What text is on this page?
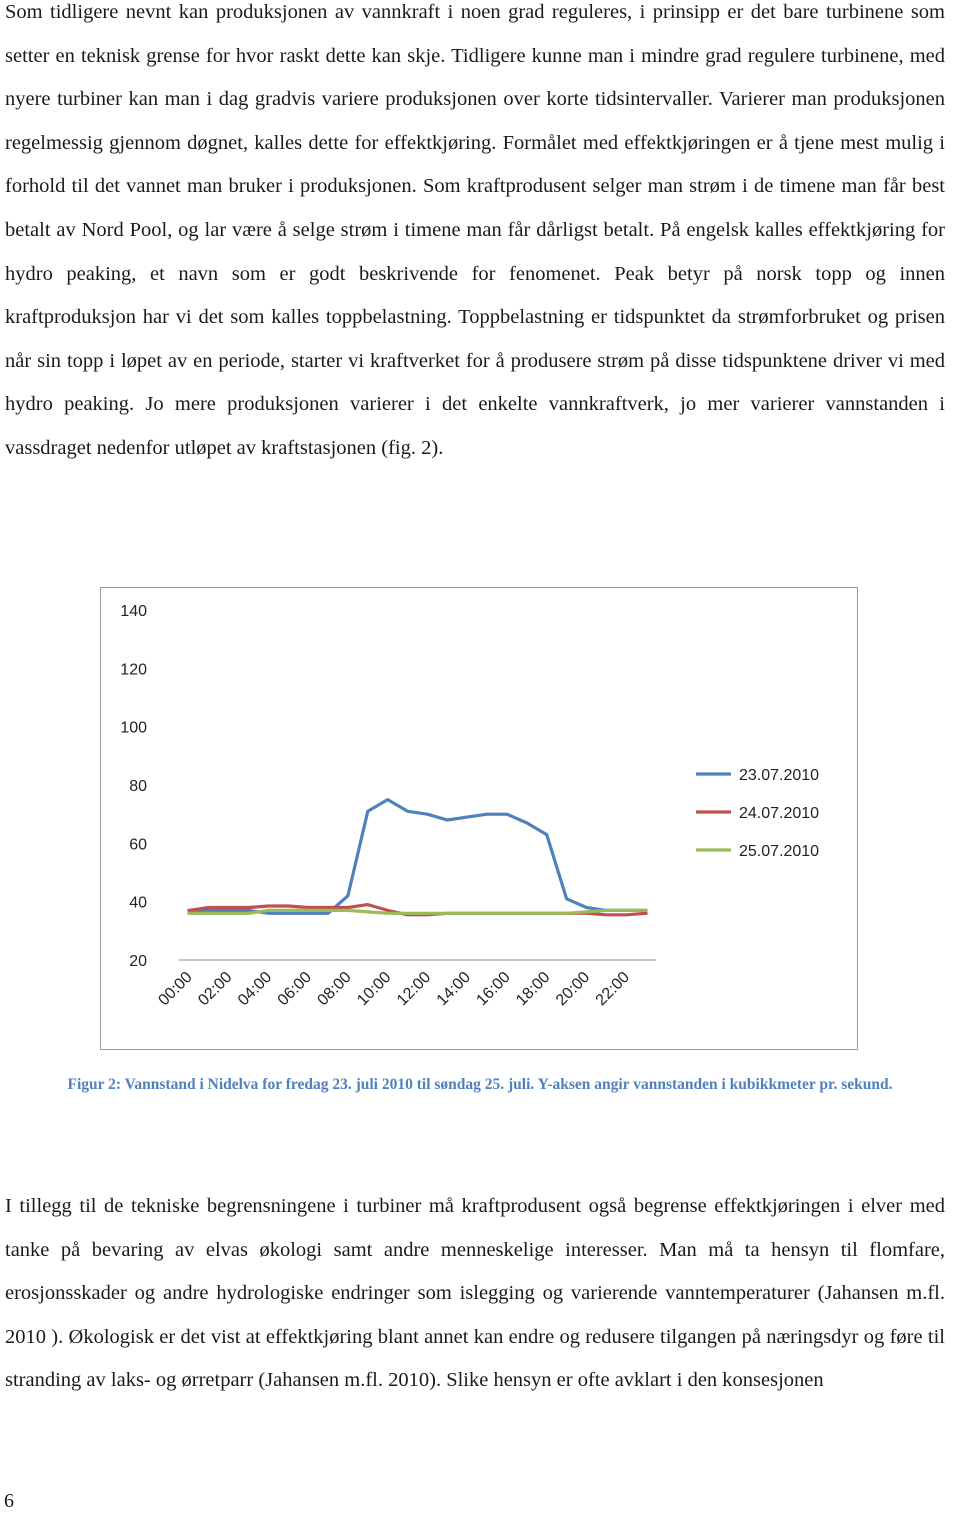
Som tidligere nevnt kan produksjonen av vannkraft i noen grad reguleres, i prinsipp er det bare turbinene som setter en teknisk grense for hvor raskt dette kan skje. Tidligere kunne man i mindre grad regulere turbinene, med nyere turbiner kan man i dag gradvis variere produksjonen over korte tidsintervaller. Varierer man produksjonen regelmessig gjennom døgnet, kalles dette for effektkjøring. Formålet med effektkjøringen er å tjene mest mulig i forhold til det vannet man bruker i produksjonen. Som kraftprodusent selger man strøm i de timene man får best betalt av Nord Pool, og lar være å selge strøm i timene man får dårligst betalt. På engelsk kalles effektkjøring for hydro peaking, et navn som er godt beskrivende for fenomenet. Peak betyr på norsk topp og innen kraftproduksjon har vi det som kalles toppbelastning. Toppbelastning er tidspunktet da strømforbruket og prisen når sin topp i løpet av en periode, starter vi kraftverket for å produsere strøm på disse tidspunktene driver vi med hydro peaking. Jo mere produksjonen varierer i det enkelte vannkraftverk, jo mer varierer vannstanden i vassdraget nedenfor utløpet av kraftstasjonen (fig. 2).

20
40
60
80
100
120
140
00:00 02:00 04:00 06:00 08:00 10:00 12:00 14:00 16:00 18:00 20:00 22:00
23.07.2010
24.07.2010
25.07.2010
Figur 2: Vannstand i Nidelva for fredag 23. juli 2010 til søndag 25. juli. Y-aksen angir vannstanden i kubikkmeter pr. sekund.

I tillegg til de tekniske begrensningene i turbiner må kraftprodusent også begrense effektkjøringen i elver med tanke på bevaring av elvas økologi samt andre menneskelige interesser. Man må ta hensyn til flomfare, erosjonsskader og andre hydrologiske endringer som islegging og varierende vanntemperaturer (Jahansen m.fl. 2010 ). Økologisk er det vist at effektkjøring blant annet kan endre og redusere tilgangen på næringsdyr og føre til stranding av laks- og ørretparr (Jahansen m.fl. 2010). Slike hensyn er ofte avklart i den konsesjonen

6
